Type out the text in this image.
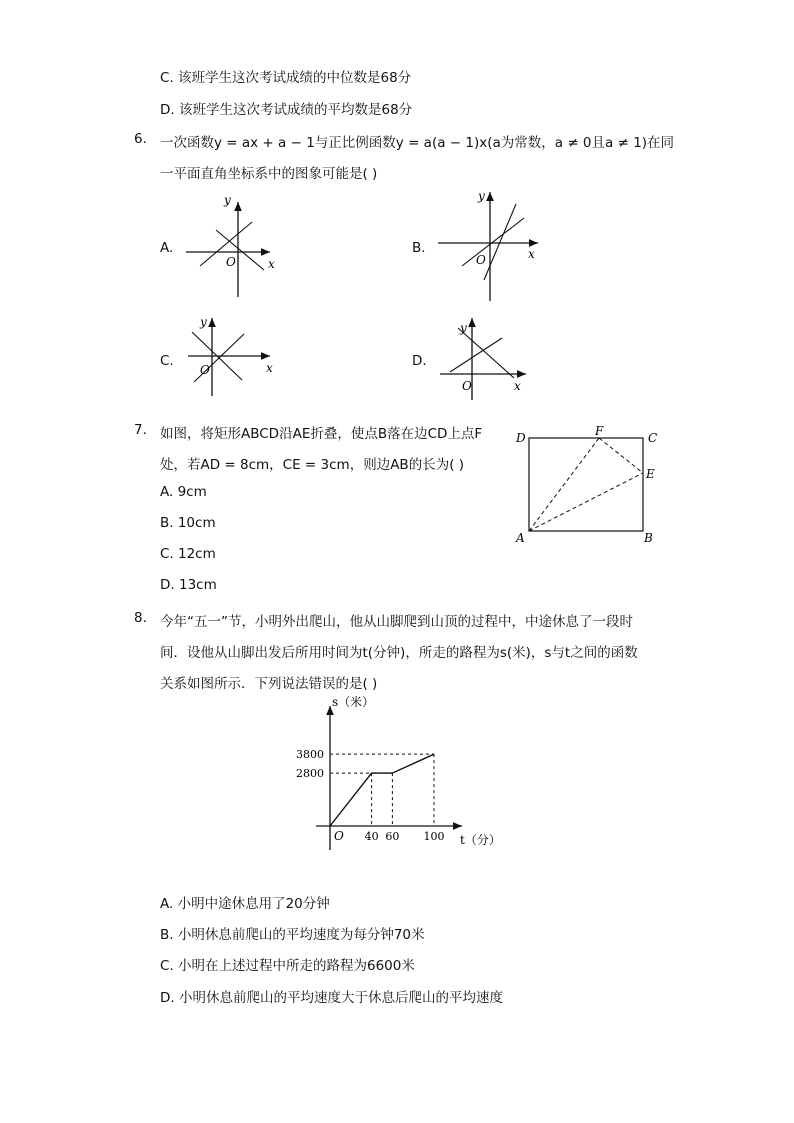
C. 该班学生这次考试成绩的中位数是68分
D. 该班学生这次考试成绩的平均数是68分
6. 一次函数y = ax + a − 1与正比例函数y = a(a − 1)x(a为常数，a ≠ 0且a ≠ 1)在同
一平面直角坐标系中的图象可能是( )
A.	B.
C.	D.
y
x
O
y
x
O
y
x
O
y
x
O
7. 如图，将矩形ABCD沿AE折叠，使点B落在边CD上点F
处，若AD = 8cm，CE = 3cm，则边AB的长为( )
A. 9cm
B. 10cm
C. 12cm
D. 13cm
D	F	C
E
A	B
8. 今年“五一”节，小明外出爬山，他从山脚爬到山顶的过程中，中途休息了一段时
间．设他从山脚出发后所用时间为t(分钟)，所走的路程为s(米)，s与t之间的函数
关系如图所示．下列说法错误的是( )
40 60 100
2800
3800
O	t（分）
s（米）
A. 小明中途休息用了20分钟
B. 小明休息前爬山的平均速度为每分钟70米
C. 小明在上述过程中所走的路程为6600米
D. 小明休息前爬山的平均速度大于休息后爬山的平均速度
